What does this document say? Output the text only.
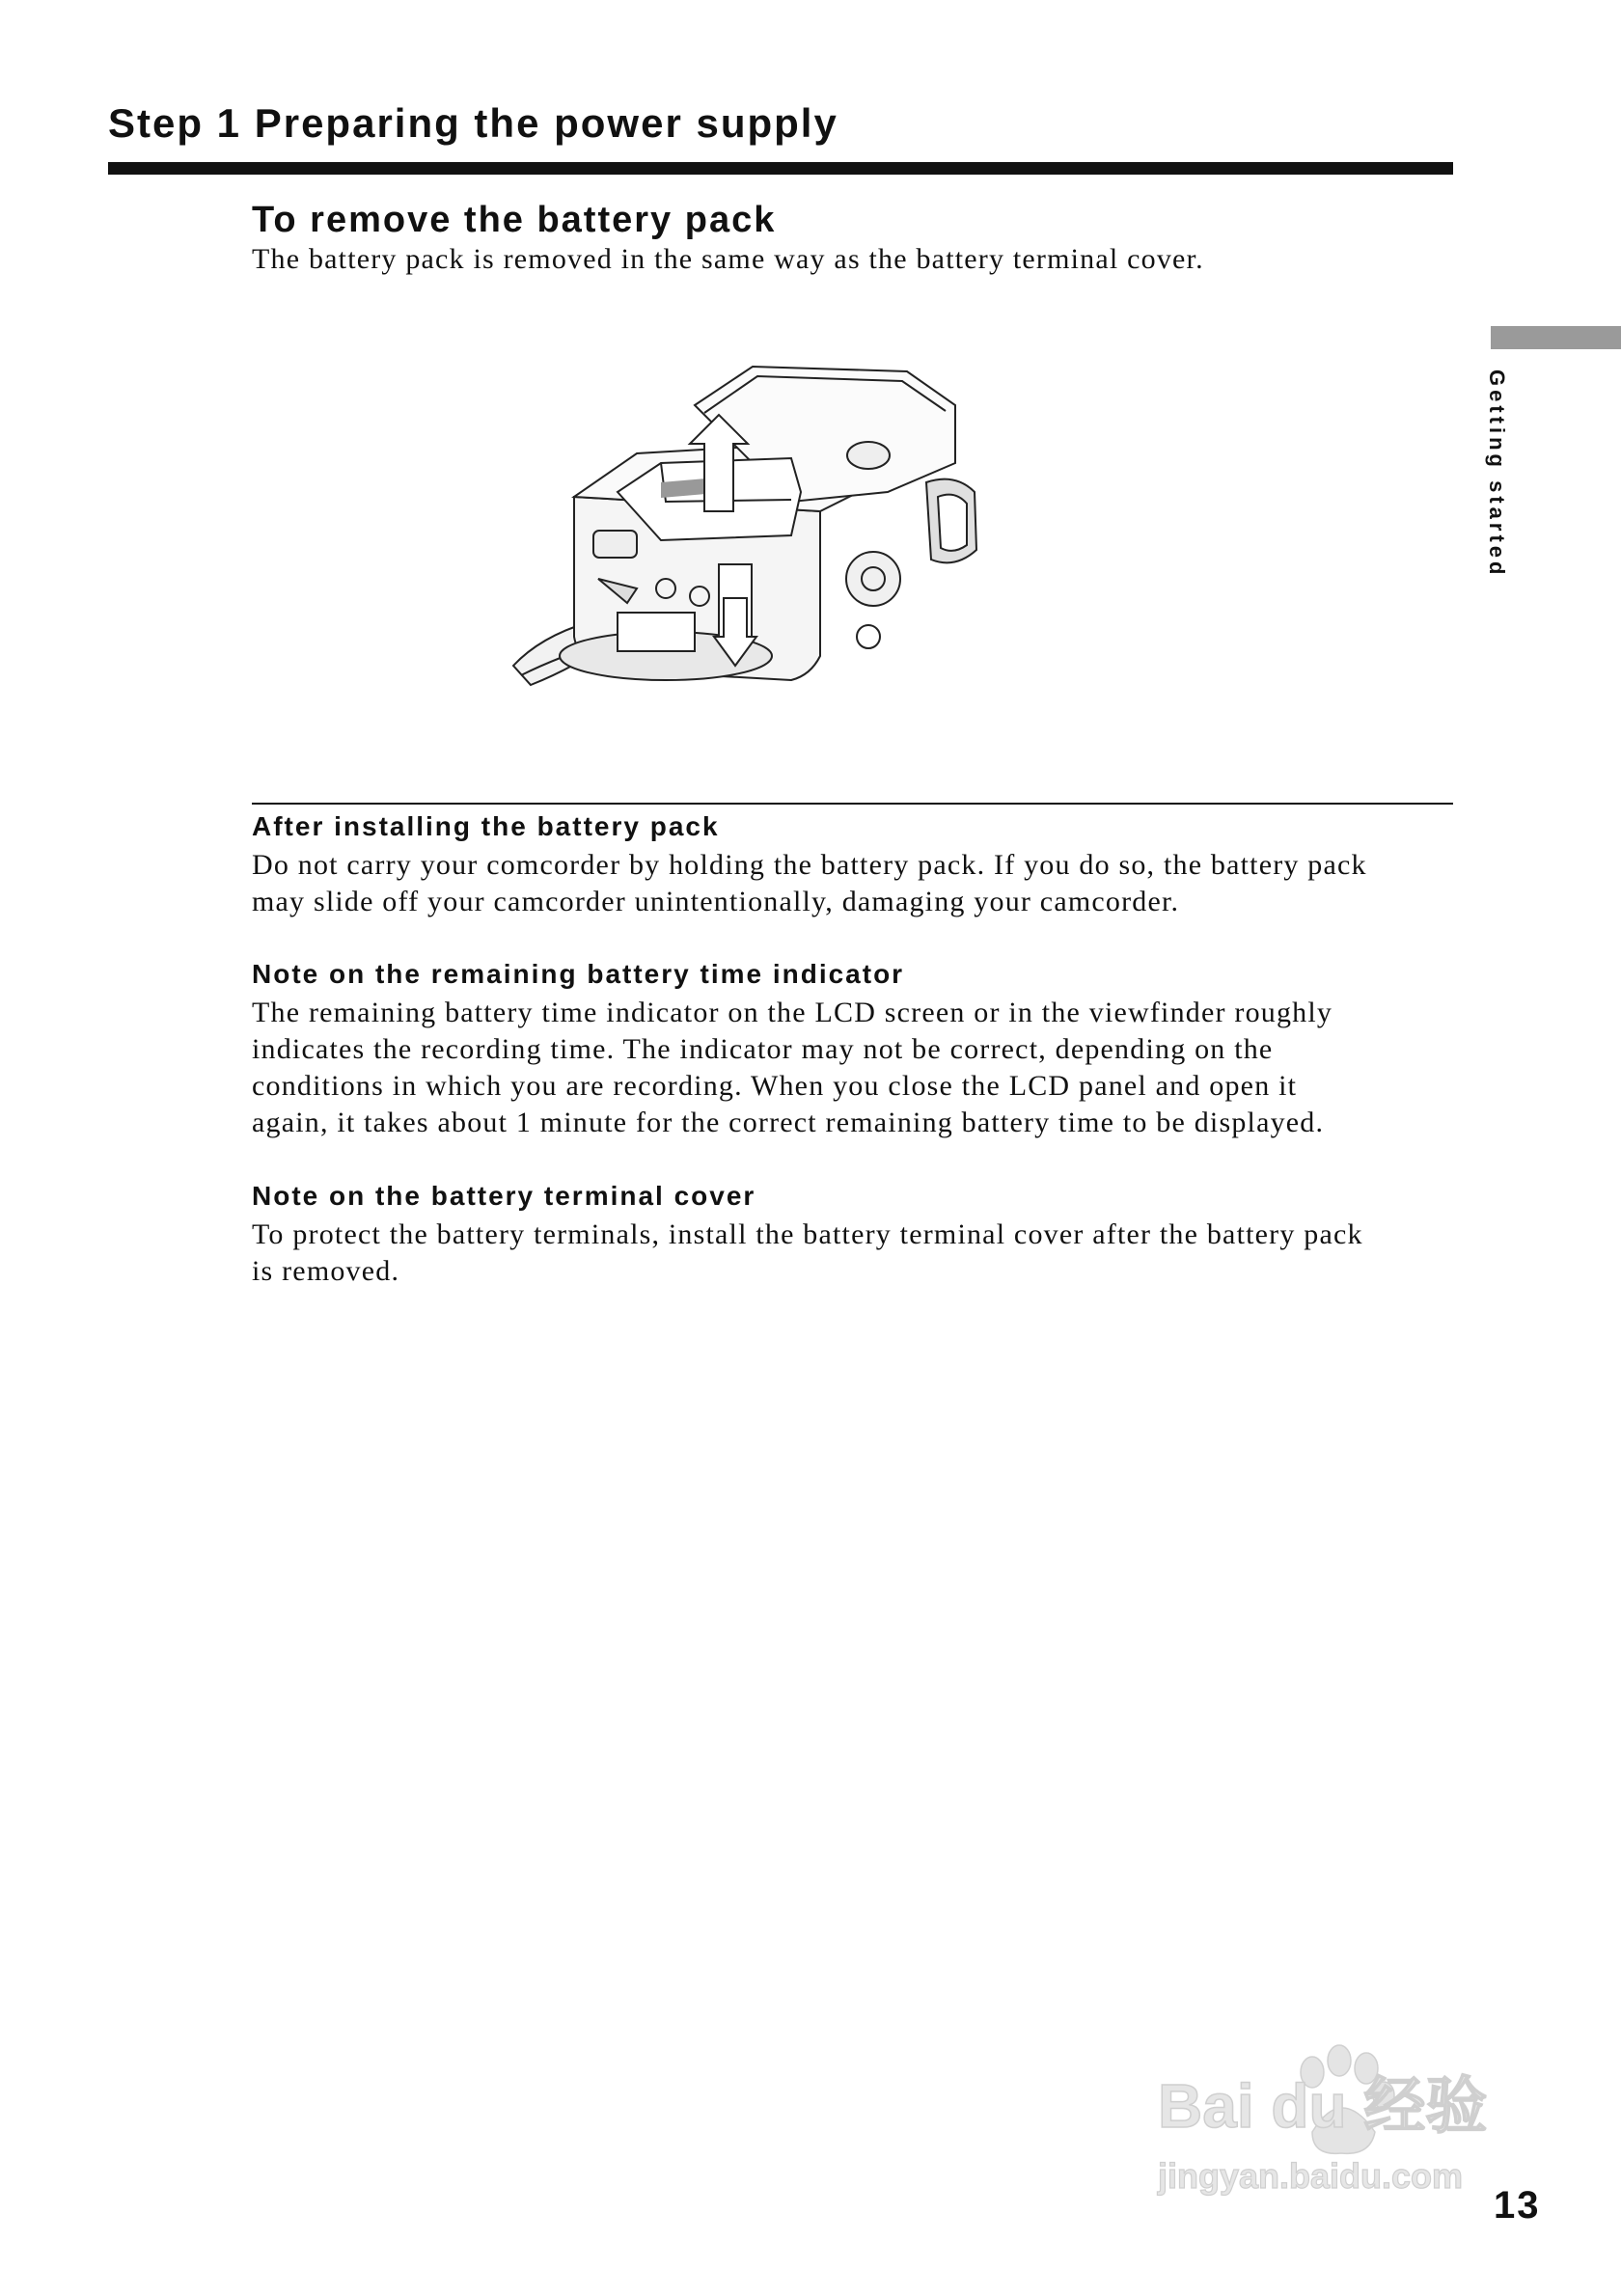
Step 1 Preparing the power supply
Getting started
To remove the battery pack
The battery pack is removed in the same way as the battery terminal cover.
After installing the battery pack
Do not carry your comcorder by holding the battery pack. If you do so, the battery pack
may slide off your camcorder unintentionally, damaging your camcorder.
Note on the remaining battery time indicator
The remaining battery time indicator on the LCD screen or in the viewfinder roughly
indicates the recording time. The indicator may not be correct, depending on the
conditions in which you are recording. When you close the LCD panel and open it
again, it takes about 1 minute for the correct remaining battery time to be displayed.
Note on the battery terminal cover
To protect the battery terminals, install the battery terminal cover after the battery pack
is removed.
Bai du 经验
jingyan.baidu.com
13
